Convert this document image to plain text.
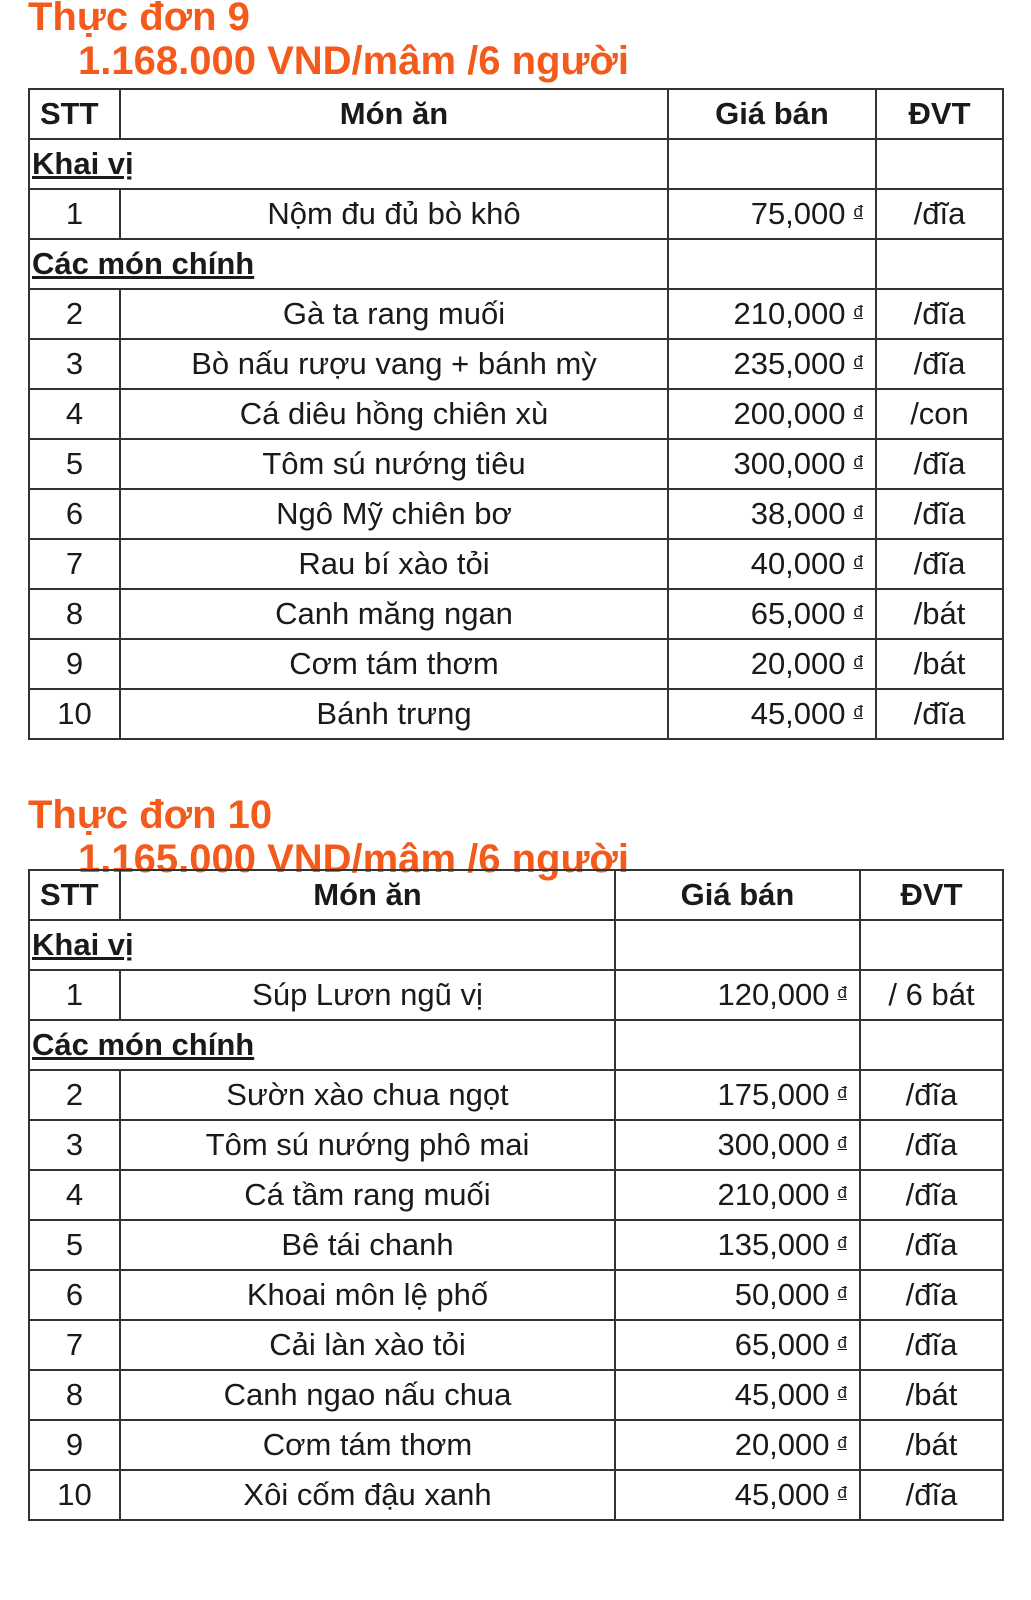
Thực đơn 9
1.168.000 VND/mâm /6 người
STT	Món ăn	Giá bán	ĐVT
Khai vị			
1	Nộm đu đủ bò khô	75,000 $^đ$	/đĩa
Các món chính			
2	Gà ta rang muối	210,000 $^đ$	/đĩa
3	Bò nấu rượu vang + bánh mỳ	235,000 $^đ$	/đĩa
4	Cá diêu hồng chiên xù	200,000 $^đ$	/con
5	Tôm sú nướng tiêu	300,000 $^đ$	/đĩa
6	Ngô Mỹ chiên bơ	38,000 $^đ$	/đĩa
7	Rau bí xào tỏi	40,000 $^đ$	/đĩa
8	Canh măng ngan	65,000 $^đ$	/bát
9	Cơm tám thơm	20,000 $^đ$	/bát
10	Bánh trưng	45,000 $^đ$	/đĩa
Thực đơn 10
1.165.000 VND/mâm /6 người
STT	Món ăn	Giá bán	ĐVT
Khai vị			
1	Súp Lươn ngũ vị	120,000 $^đ$	/ 6 bát
Các món chính			
2	Sườn xào chua ngọt	175,000 $^đ$	/đĩa
3	Tôm sú nướng phô mai	300,000 $^đ$	/đĩa
4	Cá tầm rang muối	210,000 $^đ$	/đĩa
5	Bê tái chanh	135,000 $^đ$	/đĩa
6	Khoai môn lệ phố	50,000 $^đ$	/đĩa
7	Cải làn xào tỏi	65,000 $^đ$	/đĩa
8	Canh ngao nấu chua	45,000 $^đ$	/bát
9	Cơm tám thơm	20,000 $^đ$	/bát
10	Xôi cốm đậu xanh	45,000 $^đ$	/đĩa
